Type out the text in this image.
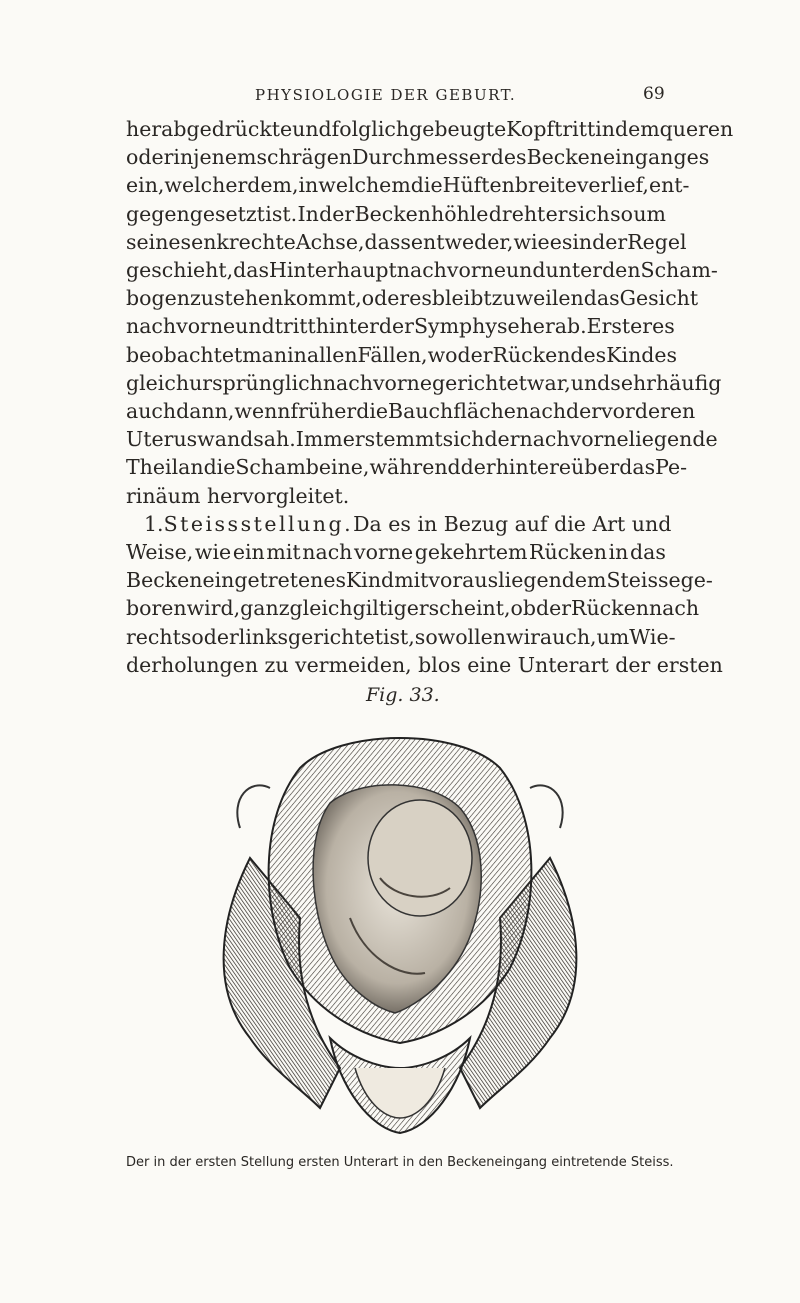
PHYSIOLOGIE DER GEBURT.	69
herabgedrückte und folglich gebeugte Kopf tritt in dem queren
oder in jenem schrägen Durchmesser des Beckeneinganges
ein, welcher dem, in welchem die Hüftenbreite verlief, ent-
gegengesetzt ist. In der Beckenhöhle dreht er sich so um
seine senkrechte Achse, dass entweder, wie es in der Regel
geschieht, das Hinterhaupt nach vorne und unter den Scham-
bogen zu stehen kommt, oder es bleibt zuweilen das Gesicht
nach vorne und tritt hinter der Symphyse herab. Ersteres
beobachtet man in allen Fällen, wo der Rücken des Kindes
gleich ursprünglich nach vorne gerichtet war, und sehr häufig
auch dann, wenn früher die Bauchfläche nach der vorderen
Uteruswand sah. Immer stemmt sich der nach vorne liegende
Theil an die Schambeine, während der hintere über das Pe-
rinäum hervorgleitet.
1. Steissstellung. Da es in Bezug auf die Art und
Weise, wie ein mit nach vorne gekehrtem Rücken in das
Becken eingetretenes Kind mit vorausliegendem Steisse ge-
boren wird, ganz gleichgiltig erscheint, ob der Rücken nach
rechts oder links gerichtet ist, so wollen wir auch, um Wie-
derholungen zu vermeiden, blos eine Unterart der ersten
Fig. 33.
Der in der ersten Stellung ersten Unterart in den Beckeneingang eintretende Steiss.
